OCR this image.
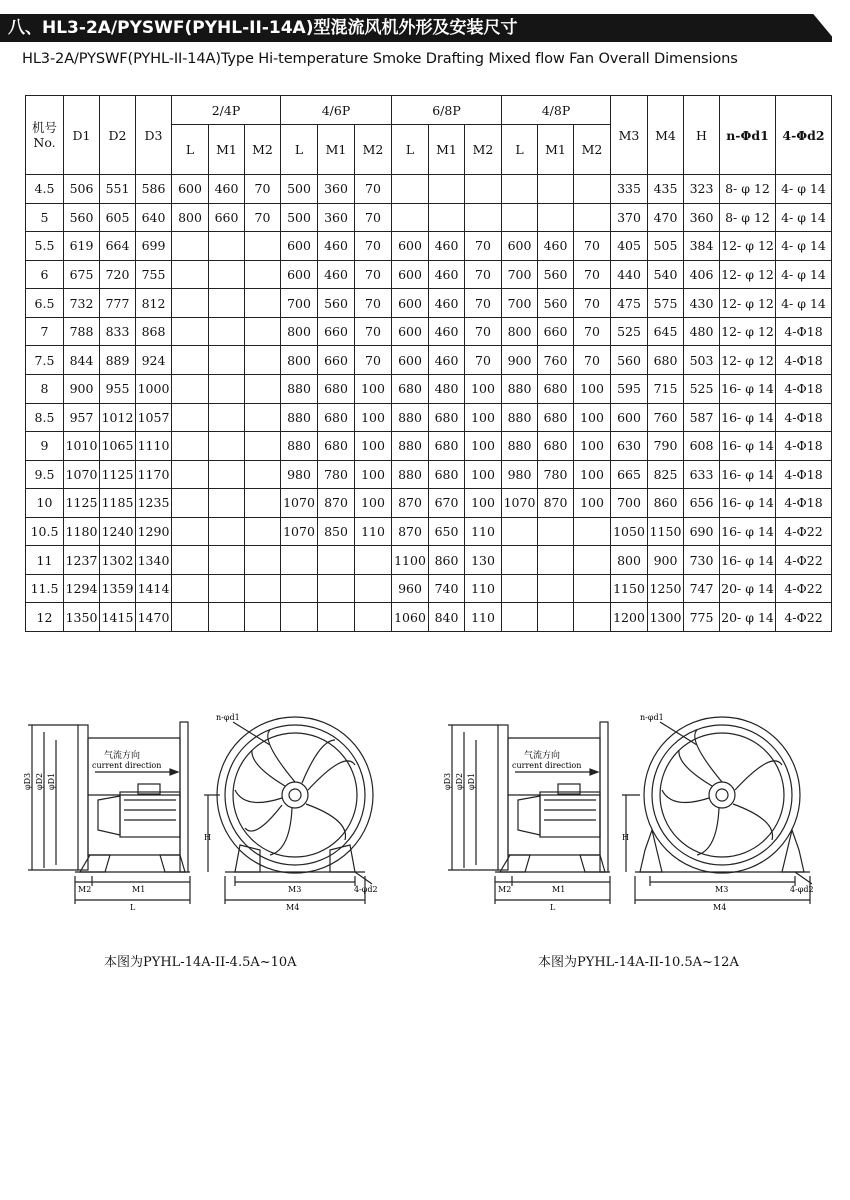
八、HL3-2A/PYSWF(PYHL-II-14A)型混流风机外形及安装尺寸
HL3-2A/PYSWF(PYHL-II-14A)Type Hi-temperature Smoke Drafting Mixed flow Fan Overall Dimensions
机号
No.	D1	D2	D3	2/4P			4/6P			6/8P			4/8P			M3	M4	H	n-Φd1	4-Φd2
				L	M1	M2	L	M1	M2	L	M1	M2	L	M1	M2					
4.5	506	551	586	600	460	70	500	360	70							335	435	323	8- φ 12	4- φ 14
5	560	605	640	800	660	70	500	360	70							370	470	360	8- φ 12	4- φ 14
5.5	619	664	699				600	460	70	600	460	70	600	460	70	405	505	384	12- φ 12	4- φ 14
6	675	720	755				600	460	70	600	460	70	700	560	70	440	540	406	12- φ 12	4- φ 14
6.5	732	777	812				700	560	70	600	460	70	700	560	70	475	575	430	12- φ 12	4- φ 14
7	788	833	868				800	660	70	600	460	70	800	660	70	525	645	480	12- φ 12	4-Φ18
7.5	844	889	924				800	660	70	600	460	70	900	760	70	560	680	503	12- φ 12	4-Φ18
8	900	955	1000				880	680	100	680	480	100	880	680	100	595	715	525	16- φ 14	4-Φ18
8.5	957	1012	1057				880	680	100	880	680	100	880	680	100	600	760	587	16- φ 14	4-Φ18
9	1010	1065	1110				880	680	100	880	680	100	880	680	100	630	790	608	16- φ 14	4-Φ18
9.5	1070	1125	1170				980	780	100	880	680	100	980	780	100	665	825	633	16- φ 14	4-Φ18
10	1125	1185	1235				1070	870	100	870	670	100	1070	870	100	700	860	656	16- φ 14	4-Φ18
10.5	1180	1240	1290				1070	850	110	870	650	110				1050	1150	690	16- φ 14	4-Φ22
11	1237	1302	1340							1100	860	130				800	900	730	16- φ 14	4-Φ22
11.5	1294	1359	1414							960	740	110				1150	1250	747	20- φ 14	4-Φ22
12	1350	1415	1470							1060	840	110				1200	1300	775	20- φ 14	4-Φ22
气流方向
current direction
n-φd1
φD3 φD2 φD1
H
M2	M1
L
M3
M4
4-φd2
气流方向
current direction
n-φd1
φD3 φD2 φD1
H
M2	M1
L
M3
M4
4-φd2
本图为PYHL-14A-II-4.5A~10A	本图为PYHL-14A-II-10.5A~12A
